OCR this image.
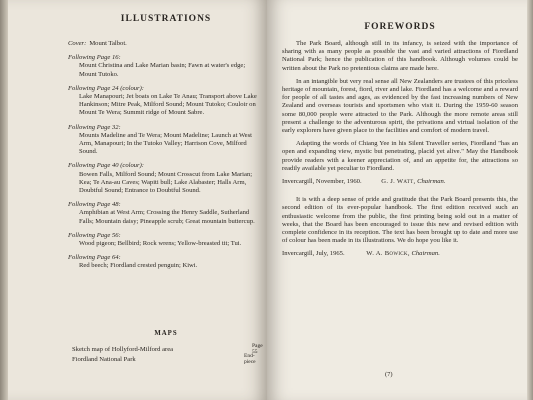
ILLUSTRATIONS
Cover: Mount Talbot.
Following Page 16:
Mount Christina and Lake Marian basin; Fawn at water's edge; Mount Tutoko.
Following Page 24 (colour):
Lake Manapouri; Jet boats on Lake Te Anau; Transport above Lake Hankinson; Mitre Peak, Milford Sound; Mount Tutoko; Couloir on Mount Te Wera; Summit ridge of Mount Sabre.
Following Page 32:
Mounts Madeline and Te Wera; Mount Madeline; Launch at West Arm, Manapouri; In the Tutoko Valley; Harrison Cove, Milford Sound.
Following Page 40 (colour):
Bowen Falls, Milford Sound; Mount Crosscut from Lake Marian; Kea; Te Ana-au Caves; Wapiti bull; Lake Alabaster; Halls Arm, Doubtful Sound; Entrance to Doubtful Sound.
Following Page 48:
Amphibian at West Arm; Crossing the Henry Saddle, Sutherland Falls; Mountain daisy; Pineapple scrub; Great mountain buttercup.
Following Page 56:
Wood pigeon; Bellbird; Rock wrens; Yellow-breasted tit; Tui.
Following Page 64:
Red beech; Fiordland crested penguin; Kiwi.
MAPS
Sketch map of Hollyford-Milford area	Page 55
Fiordland National Park	End-piece
FOREWORDS

The Park Board, although still in its infancy, is seized with the importance of sharing with as many people as possible the vast and varied attractions of Fiordland National Park; hence the publication of this handbook. Although volumes could be written about the Park no pretentious claims are made here.

In an intangible but very real sense all New Zealanders are trustees of this priceless heritage of mountain, forest, fiord, river and lake. Fiordland has a welcome and a reward for people of all tastes and ages, as evidenced by the fast increasing numbers of New Zealand and overseas tourists and sportsmen who visit it. During the 1959-60 season some 80,000 people were attracted to the Park. Although the more remote areas still present a challenge to the adventurous spirit, the privations and virtual isolation of the early explorers have given place to the facilities and comfort of modern travel.

Adapting the words of Chiang Yee in his Silent Traveller series, Fiordland "has an open and expanding view, mystic but penetrating, placid yet alive." May the Handbook provide readers with a keener appreciation of, and an appetite for, the attractions so readily available yet peculiar to Fiordland.

Invercargill, November, 1960.	G. J. Watt, Chairman.

It is with a deep sense of pride and gratitude that the Park Board presents this, the second edition of its ever-popular handbook. The first edition received such an enthusiastic welcome from the public, the first printing being sold out in a matter of weeks, that the Board has been encouraged to issue this new and revised edition with complete confidence in its reception. The text has been brought up to date and more use of colour has been made in its illustrations. We do hope you like it.

Invercargill, July, 1965.	W. A. Bowick, Chairman.
(7)
